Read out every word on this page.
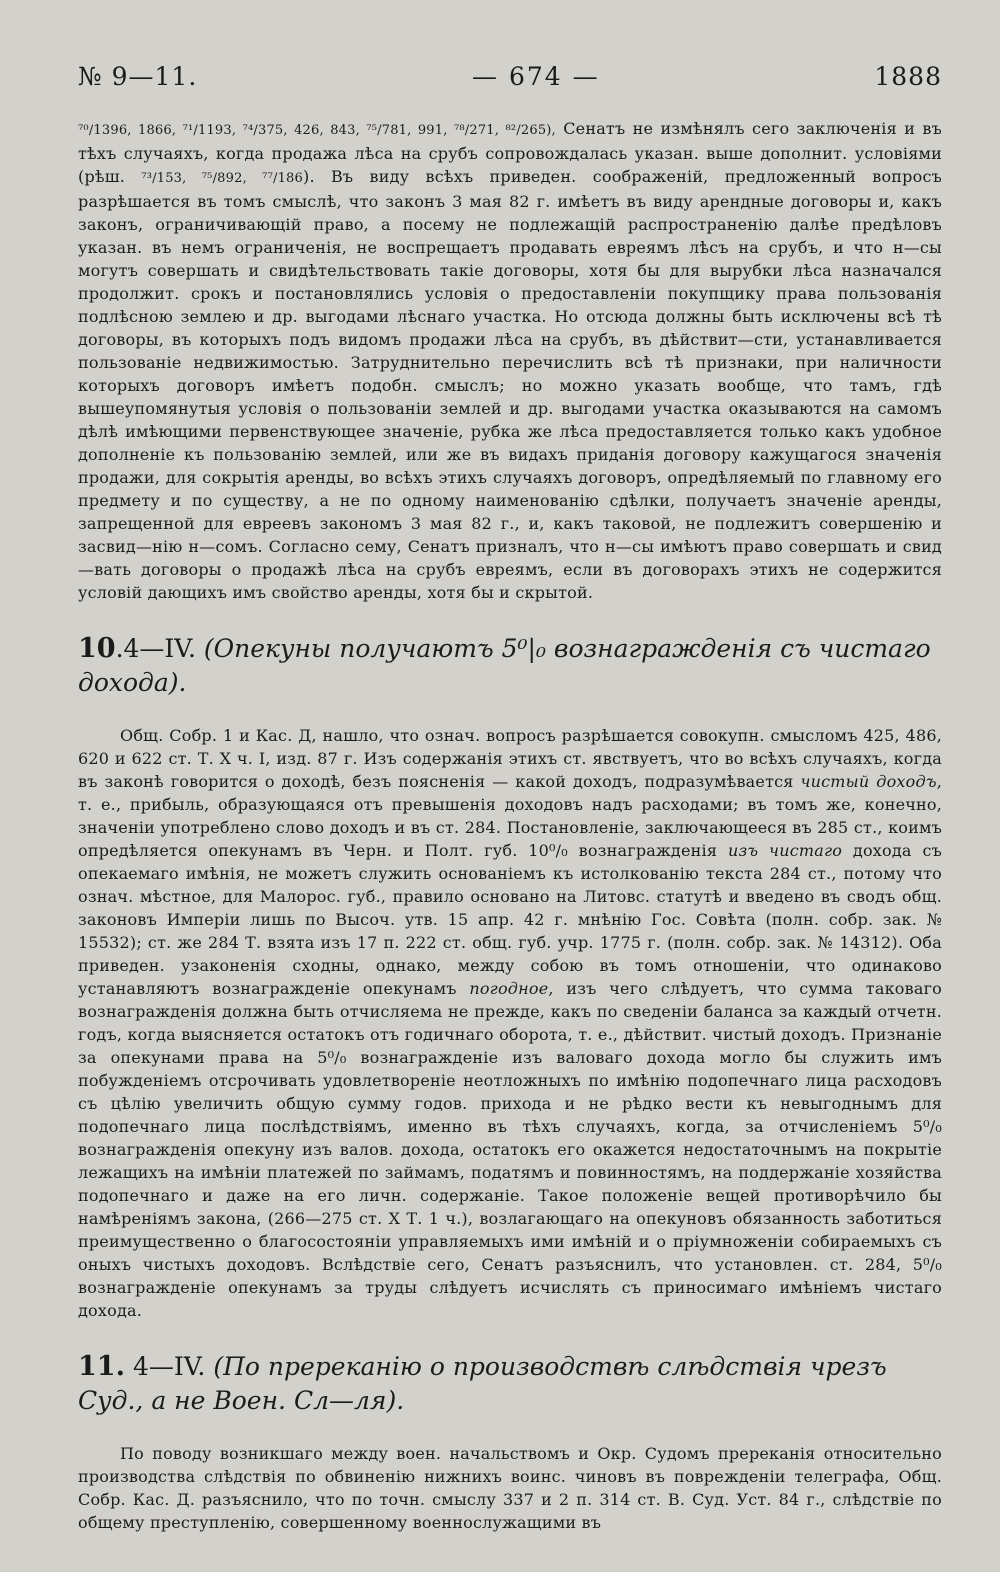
№ 9—11.	— 674 —	1888

⁷⁰/1396, 1866, ⁷¹/1193, ⁷⁴/375, 426, 843, ⁷⁵/781, 991, ⁷⁸/271, ⁸²/265), Сенатъ не измѣнялъ сего заключенія и въ тѣхъ случаяхъ, когда продажа лѣса на срубъ сопровождалась указан. выше дополнит. условіями (рѣш. ⁷³/153, ⁷⁵/892, ⁷⁷/186). Въ виду всѣхъ приведен. соображеній, предложенный вопросъ разрѣшается въ томъ смыслѣ, что законъ 3 мая 82 г. имѣетъ въ виду арендные договоры и, какъ законъ, ограничивающій право, а посему не подлежащій распространенію далѣе предѣловъ указан. въ немъ ограниченія, не воспрещаетъ продавать евреямъ лѣсъ на срубъ, и что н—сы могутъ совершать и свидѣтельствовать такіе договоры, хотя бы для вырубки лѣса назначался продолжит. срокъ и постановлялись условія о предоставленіи покупщику права пользованія подлѣсною землею и др. выгодами лѣснаго участка. Но отсюда должны быть исключены всѣ тѣ договоры, въ которыхъ подъ видомъ продажи лѣса на срубъ, въ дѣйствит—сти, устанавливается пользованіе недвижимостью. Затруднительно перечислить всѣ тѣ признаки, при наличности которыхъ договоръ имѣетъ подобн. смыслъ; но можно указать вообще, что тамъ, гдѣ вышеупомянутыя условія о пользованіи землей и др. выгодами участка оказываются на самомъ дѣлѣ имѣющими первенствующее значеніе, рубка же лѣса предоставляется только какъ удобное дополненіе къ пользованію землей, или же въ видахъ приданія договору кажущагося значенія продажи, для сокрытія аренды, во всѣхъ этихъ случаяхъ договоръ, опредѣляемый по главному его предмету и по существу, а не по одному наименованію сдѣлки, получаетъ значеніе аренды, запрещенной для евреевъ закономъ 3 мая 82 г., и, какъ таковой, не подлежитъ совершенію и засвид—нію н—сомъ. Согласно сему, Сенатъ призналъ, что н—сы имѣютъ право совершать и свид—вать договоры о продажѣ лѣса на срубъ евреямъ, если въ договорахъ этихъ не содержится условій дающихъ имъ свойство аренды, хотя бы и скрытой.

10.4—IV. (Опекуны получаютъ 5⁰|₀ вознагражденія съ чистаго дохода).

Общ. Собр. 1 и Кас. Д, нашло, что означ. вопросъ разрѣшается совокупн. смысломъ 425, 486, 620 и 622 ст. Т. X ч. I, изд. 87 г. Изъ содержанія этихъ ст. явствуетъ, что во всѣхъ случаяхъ, когда въ законѣ говорится о доходѣ, безъ поясненія — какой доходъ, подразумѣвается чистый доходъ, т. е., прибыль, образующаяся отъ превышенія доходовъ надъ расходами; въ томъ же, конечно, значеніи употреблено слово доходъ и въ ст. 284. Постановленіе, заключающееся въ 285 ст., коимъ опредѣляется опекунамъ въ Черн. и Полт. губ. 10⁰/₀ вознагражденія изъ чистаго дохода съ опекаемаго имѣнія, не можетъ служить основаніемъ къ истолкованію текста 284 ст., потому что означ. мѣстное, для Малорос. губ., правило основано на Литовс. статутѣ и введено въ сводъ общ. законовъ Имперіи лишь по Высоч. утв. 15 апр. 42 г. мнѣнію Гос. Совѣта (полн. собр. зак. № 15532); ст. же 284 Т. взята изъ 17 п. 222 ст. общ. губ. учр. 1775 г. (полн. собр. зак. № 14312). Оба приведен. узаконенія сходны, однако, между собою въ томъ отношеніи, что одинаково устанавляютъ вознагражденіе опекунамъ погодное, изъ чего слѣдуетъ, что сумма таковаго вознагражденія должна быть отчисляема не прежде, какъ по сведеніи баланса за каждый отчетн. годъ, когда выясняется остатокъ отъ годичнаго оборота, т. е., дѣйствит. чистый доходъ. Признаніе за опекунами права на 5⁰/₀ вознагражденіе изъ валоваго дохода могло бы служить имъ побужденіемъ отсрочивать удовлетвореніе неотложныхъ по имѣнію подопечнаго лица расходовъ съ цѣлію увеличить общую сумму годов. прихода и не рѣдко вести къ невыгоднымъ для подопечнаго лица послѣдствіямъ, именно въ тѣхъ случаяхъ, когда, за отчисленіемъ 5⁰/₀ вознагражденія опекуну изъ валов. дохода, остатокъ его окажется недостаточнымъ на покрытіе лежащихъ на имѣніи платежей по займамъ, податямъ и повинностямъ, на поддержаніе хозяйства подопечнаго и даже на его личн. содержаніе. Такое положеніе вещей противорѣчило бы намѣреніямъ закона, (266—275 ст. X Т. 1 ч.), возлагающаго на опекуновъ обязанность заботиться преимущественно о благосостояніи управляемыхъ ими имѣній и о пріумноженіи собираемыхъ съ оныхъ чистыхъ доходовъ. Вслѣдствіе сего, Сенатъ разъяснилъ, что установлен. ст. 284, 5⁰/₀ вознагражденіе опекунамъ за труды слѣдуетъ исчислять съ приносимаго имѣніемъ чистаго дохода.

11. 4—IV. (По пререканію о производствѣ слѣдствія чрезъ Суд., а не Воен. Сл—ля).

По поводу возникшаго между воен. начальствомъ и Окр. Судомъ пререканія относительно производства слѣдствія по обвиненію нижнихъ воинс. чиновъ въ поврежденіи телеграфа, Общ. Собр. Кас. Д. разъяснило, что по точн. смыслу 337 и 2 п. 314 ст. В. Суд. Уст. 84 г., слѣдствіе по общему преступленію, совершенному военнослужащими въ
